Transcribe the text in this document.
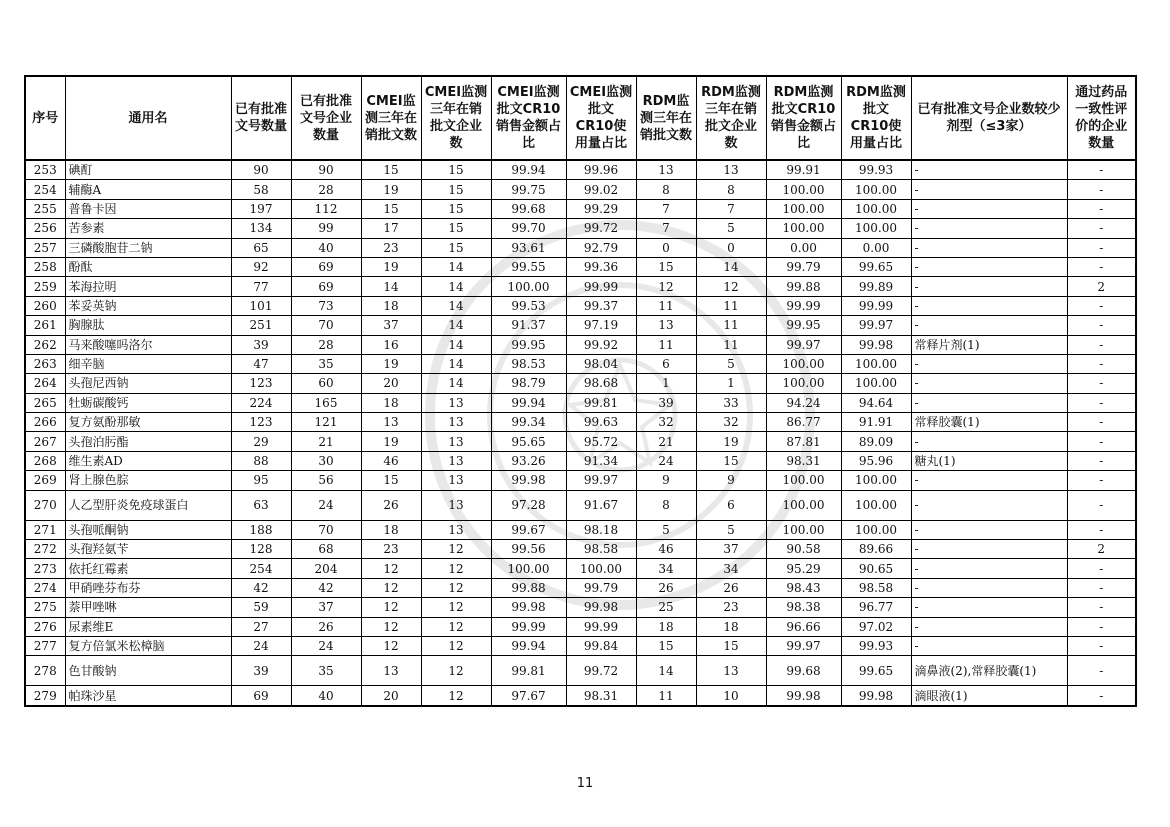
序号	通用名	已有批准文号数量	已有批准文号企业数量	CMEI监测三年在销批文数	CMEI监测三年在销批文企业数	CMEI监测批文CR10销售金额占比	CMEI监测批文CR10使用量占比	RDM监测三年在销批文数	RDM监测三年在销批文企业数	RDM监测批文CR10销售金额占比	RDM监测批文CR10使用量占比	已有批准文号企业数较少剂型（≤3家）	通过药品一致性评价的企业数量
253	碘酊	90	90	15	15	99.94	99.96	13	13	99.91	99.93	-	-
254	辅酶A	58	28	19	15	99.75	99.02	8	8	100.00	100.00	-	-
255	普鲁卡因	197	112	15	15	99.68	99.29	7	7	100.00	100.00	-	-
256	苦参素	134	99	17	15	99.70	99.72	7	5	100.00	100.00	-	-
257	三磷酸胞苷二钠	65	40	23	15	93.61	92.79	0	0	0.00	0.00	-	-
258	酚酞	92	69	19	14	99.55	99.36	15	14	99.79	99.65	-	-
259	苯海拉明	77	69	14	14	100.00	99.99	12	12	99.88	99.89	-	2
260	苯妥英钠	101	73	18	14	99.53	99.37	11	11	99.99	99.99	-	-
261	胸腺肽	251	70	37	14	91.37	97.19	13	11	99.95	99.97	-	-
262	马来酸噻吗洛尔	39	28	16	14	99.95	99.92	11	11	99.97	99.98	常释片剂(1)	-
263	细辛脑	47	35	19	14	98.53	98.04	6	5	100.00	100.00	-	-
264	头孢尼西钠	123	60	20	14	98.79	98.68	1	1	100.00	100.00	-	-
265	牡蛎碳酸钙	224	165	18	13	99.94	99.81	39	33	94.24	94.64	-	-
266	复方氨酚那敏	123	121	13	13	99.34	99.63	32	32	86.77	91.91	常释胶囊(1)	-
267	头孢泊肟酯	29	21	19	13	95.65	95.72	21	19	87.81	89.09	-	-
268	维生素AD	88	30	46	13	93.26	91.34	24	15	98.31	95.96	糖丸(1)	-
269	肾上腺色腙	95	56	15	13	99.98	99.97	9	9	100.00	100.00	-	-
270	人乙型肝炎免疫球蛋白	63	24	26	13	97.28	91.67	8	6	100.00	100.00	-	-
271	头孢哌酮钠	188	70	18	13	99.67	98.18	5	5	100.00	100.00	-	-
272	头孢羟氨苄	128	68	23	12	99.56	98.58	46	37	90.58	89.66	-	2
273	依托红霉素	254	204	12	12	100.00	100.00	34	34	95.29	90.65	-	-
274	甲硝唑芬布芬	42	42	12	12	99.88	99.79	26	26	98.43	98.58	-	-
275	萘甲唑啉	59	37	12	12	99.98	99.98	25	23	98.38	96.77	-	-
276	尿素维E	27	26	12	12	99.99	99.99	18	18	96.66	97.02	-	-
277	复方倍氯米松樟脑	24	24	12	12	99.94	99.84	15	15	99.97	99.93	-	-
278	色甘酸钠	39	35	13	12	99.81	99.72	14	13	99.68	99.65	滴鼻液(2),常释胶囊(1)	-
279	帕珠沙星	69	40	20	12	97.67	98.31	11	10	99.98	99.98	滴眼液(1)	-
11
